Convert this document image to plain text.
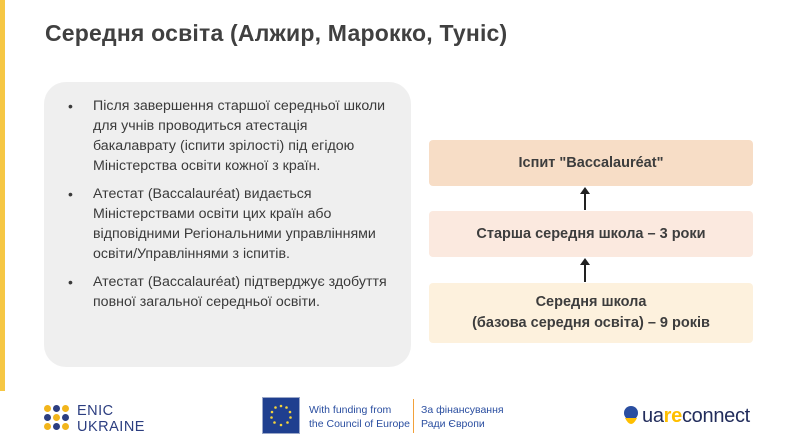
Середня освіта (Алжир, Марокко, Туніс)
• Після завершення старшої середньої школи для учнів проводиться атестація бакалаврату (іспити зрілості) під егідою Міністерства освіти кожної з країн.
• Атестат (Baccalauréat) видається Міністерствами освіти цих країн або відповідними Регіональними управліннями освіти/Управліннями з іспитів.
• Атестат (Baccalauréat) підтверджує здобуття повної загальної середньої освіти.
Іспит "Baccalauréat"
Старша середня школа – 3 роки
Середня школа
(базова середня освіта) – 9 років
ENIC
UKRAINE
With funding from
the Council of Europe
За фінансування
Ради Європи	uareconnect
